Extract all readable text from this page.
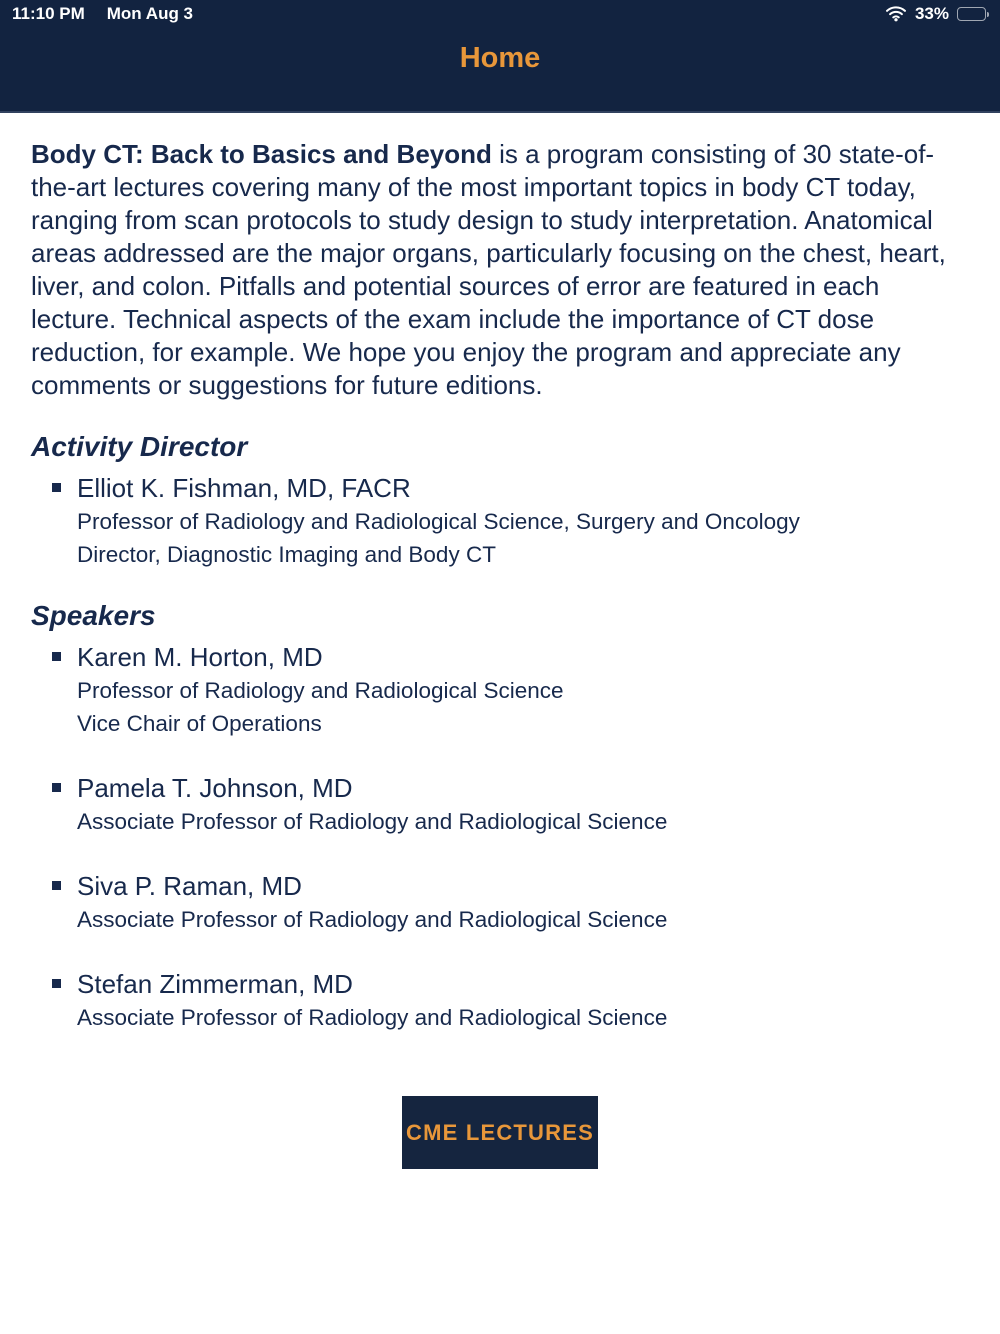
11:10 PM Mon Aug 3	33%
Home

Body CT: Back to Basics and Beyond is a program consisting of 30 state-of-the-art lectures covering many of the most important topics in body CT today, ranging from scan protocols to study design to study interpretation. Anatomical areas addressed are the major organs, particularly focusing on the chest, heart, liver, and colon. Pitfalls and potential sources of error are featured in each lecture. Technical aspects of the exam include the importance of CT dose reduction, for example. We hope you enjoy the program and appreciate any comments or suggestions for future editions.

Activity Director
Elliot K. Fishman, MD, FACR
Professor of Radiology and Radiological Science, Surgery and Oncology
Director, Diagnostic Imaging and Body CT
Speakers
Karen M. Horton, MD
Professor of Radiology and Radiological Science
Vice Chair of Operations
Pamela T. Johnson, MD
Associate Professor of Radiology and Radiological Science
Siva P. Raman, MD
Associate Professor of Radiology and Radiological Science
Stefan Zimmerman, MD
Associate Professor of Radiology and Radiological Science
CME LECTURES
